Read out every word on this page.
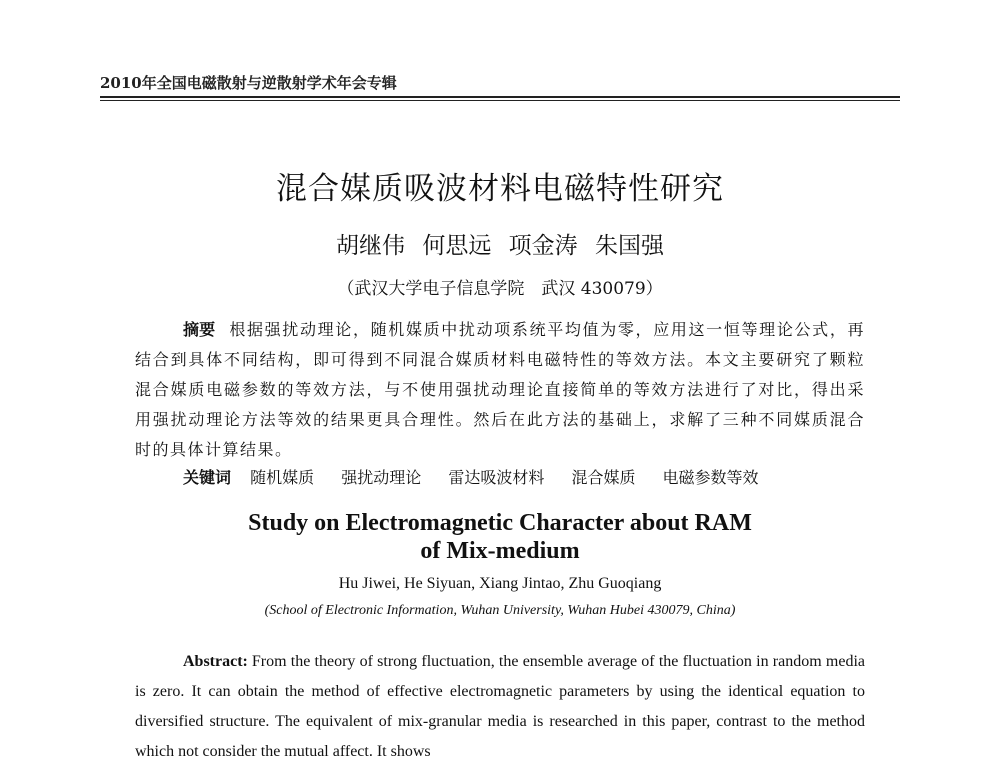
2010年全国电磁散射与逆散射学术年会专辑
混合媒质吸波材料电磁特性研究
胡继伟 何思远 项金涛 朱国强
（武汉大学电子信息学院　武汉 430079）
摘要 根据强扰动理论，随机媒质中扰动项系统平均值为零，应用这一恒等理论公式，再结合到具体不同结构，即可得到不同混合媒质材料电磁特性的等效方法。本文主要研究了颗粒混合媒质电磁参数的等效方法，与不使用强扰动理论直接简单的等效方法进行了对比，得出采用强扰动理论方法等效的结果更具合理性。然后在此方法的基础上，求解了三种不同媒质混合时的具体计算结果。
关键词 随机媒质 强扰动理论 雷达吸波材料 混合媒质 电磁参数等效
Study on Electromagnetic Character about RAM
of Mix-medium
Hu Jiwei, He Siyuan, Xiang Jintao, Zhu Guoqiang
(School of Electronic Information, Wuhan University, Wuhan Hubei 430079, China)
Abstract: From the theory of strong fluctuation, the ensemble average of the fluctuation in random media is zero. It can obtain the method of effective electromagnetic parameters by using the identical equation to diversified structure. The equivalent of mix-granular media is researched in this paper, contrast to the method which not consider the mutual affect. It shows
